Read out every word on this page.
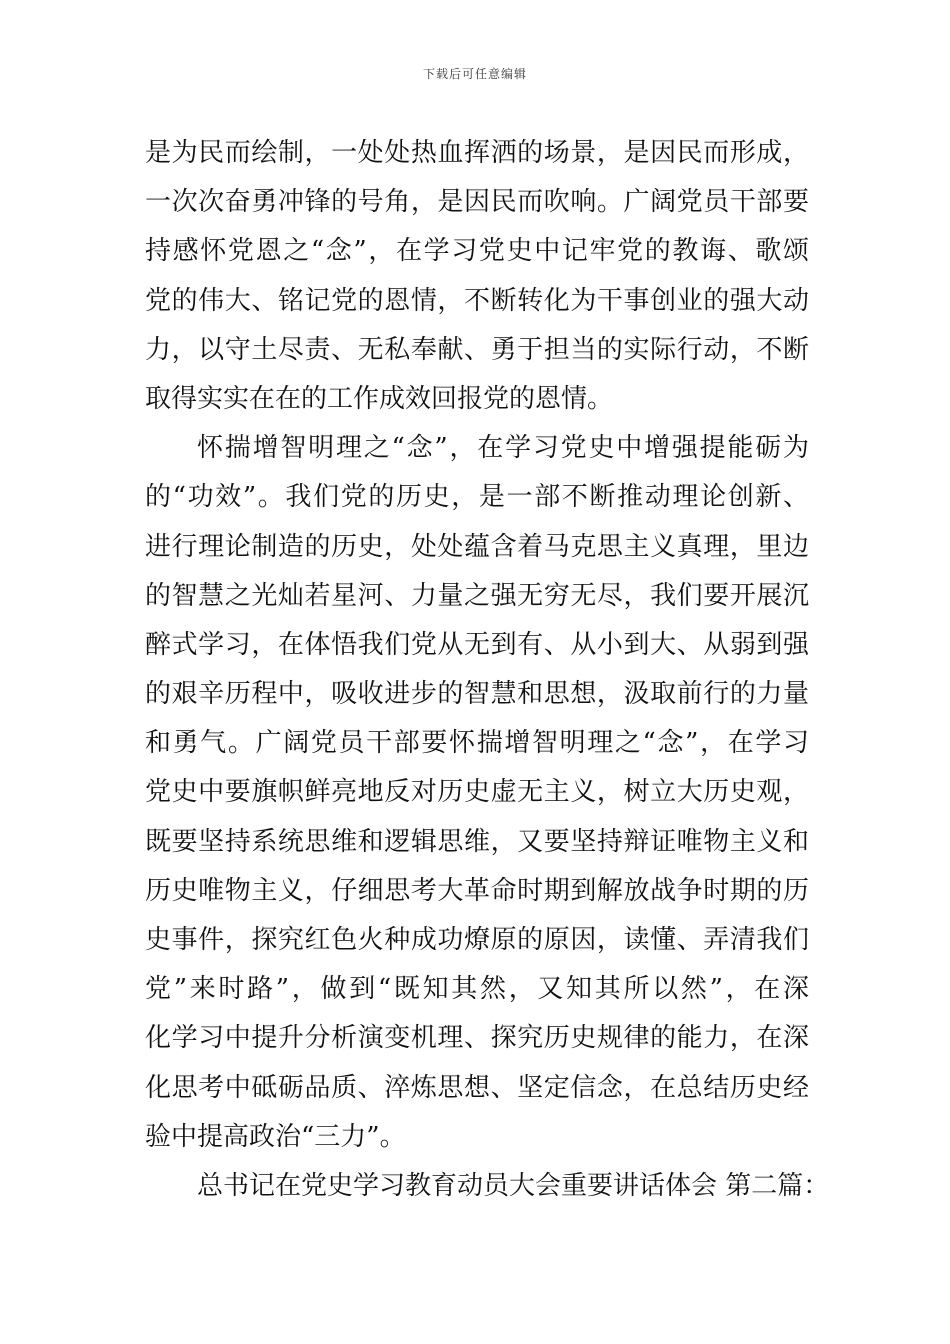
下载后可任意编辑
是为民而绘制，一处处热血挥洒的场景，是因民而形成，
一次次奋勇冲锋的号角，是因民而吹响。广阔党员干部要
持感怀党恩之“念”，在学习党史中记牢党的教诲、歌颂
党的伟大、铭记党的恩情，不断转化为干事创业的强大动
力，以守土尽责、无私奉献、勇于担当的实际行动，不断
取得实实在在的工作成效回报党的恩情。
怀揣增智明理之“念”，在学习党史中增强提能砺为
的“功效”。我们党的历史，是一部不断推动理论创新、
进行理论制造的历史，处处蕴含着马克思主义真理，里边
的智慧之光灿若星河、力量之强无穷无尽，我们要开展沉
醉式学习，在体悟我们党从无到有、从小到大、从弱到强
的艰辛历程中，吸收进步的智慧和思想，汲取前行的力量
和勇气。广阔党员干部要怀揣增智明理之“念”，在学习
党史中要旗帜鲜亮地反对历史虚无主义，树立大历史观，
既要坚持系统思维和逻辑思维，又要坚持辩证唯物主义和
历史唯物主义，仔细思考大革命时期到解放战争时期的历
史事件，探究红色火种成功燎原的原因，读懂、弄清我们
党”来时路”，做到“既知其然，又知其所以然”，在深
化学习中提升分析演变机理、探究历史规律的能力，在深
化思考中砥砺品质、淬炼思想、坚定信念，在总结历史经
验中提高政治“三力”。
总书记在党史学习教育动员大会重要讲话体会 第二篇：
